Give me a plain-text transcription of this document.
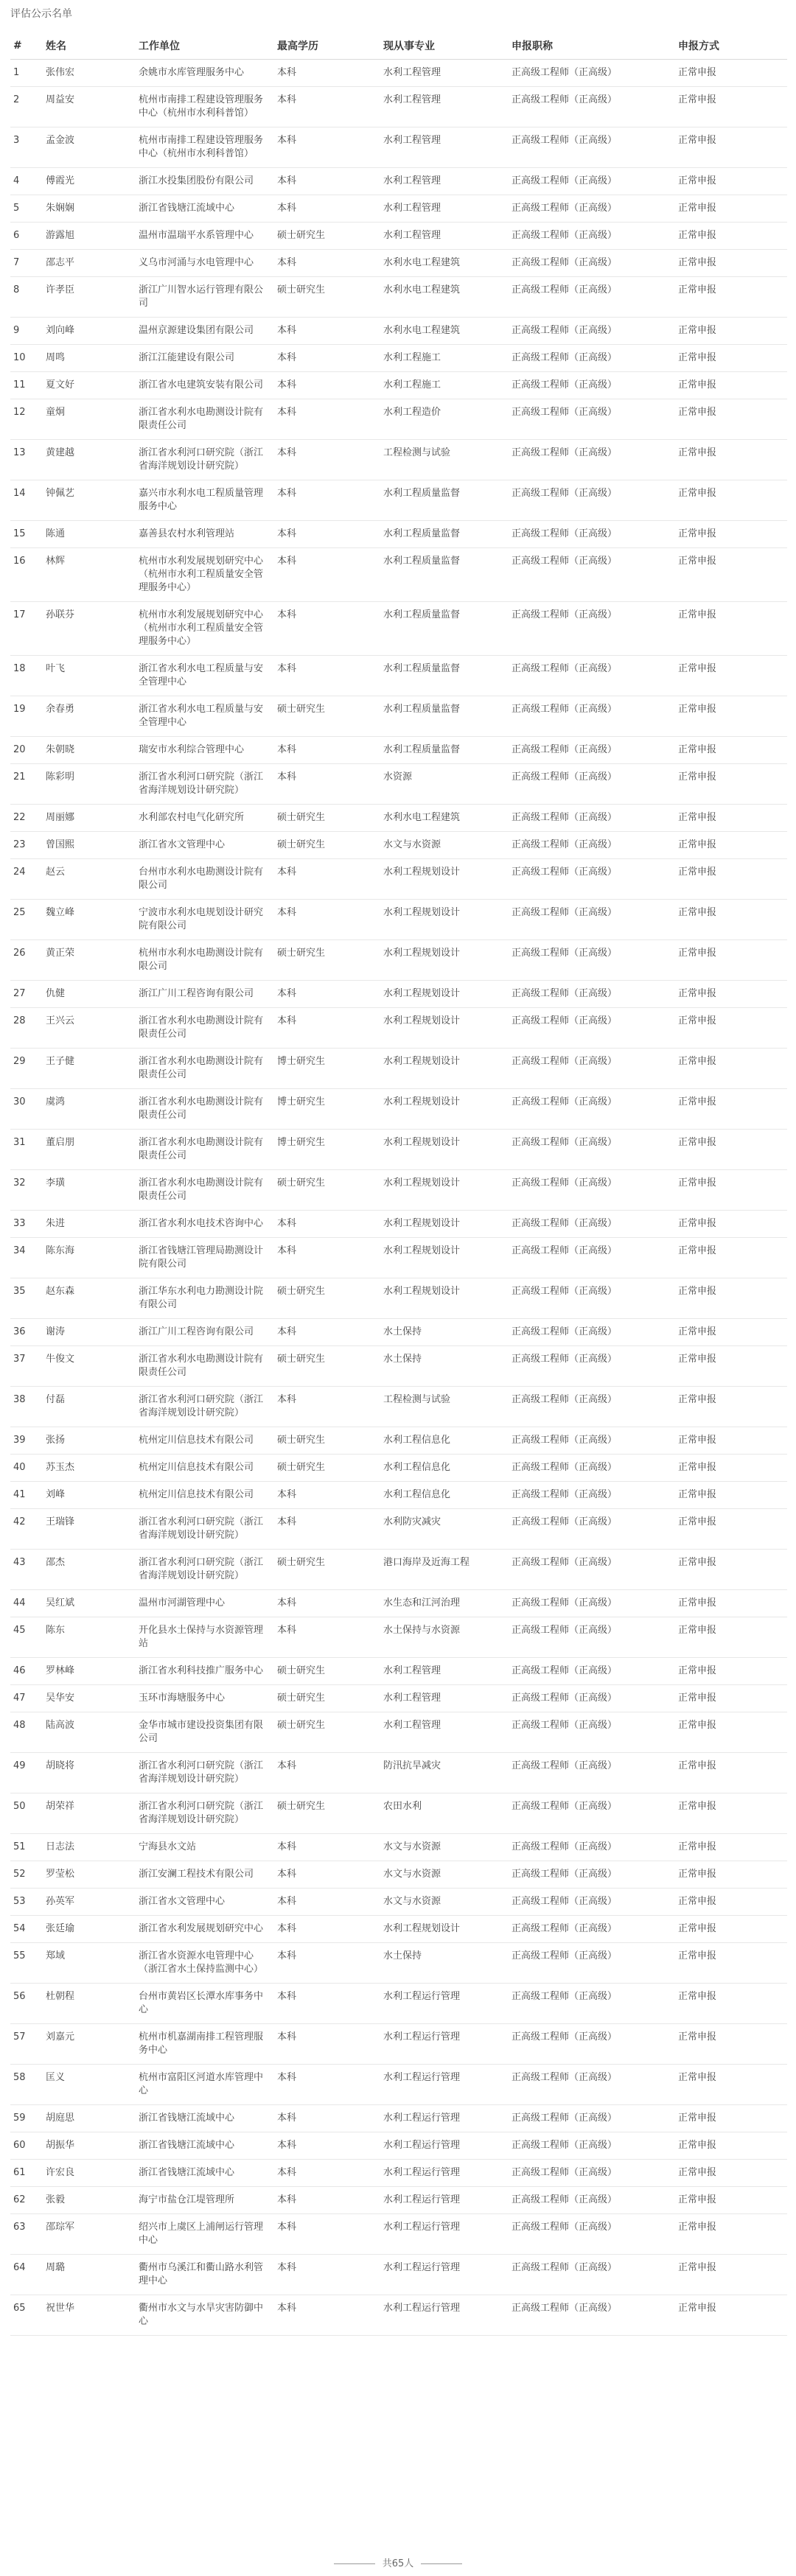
评估公示名单
#	姓名	工作单位	最高学历	现从事专业	申报职称	申报方式
1	张伟宏	余姚市水库管理服务中心	本科	水利工程管理	正高级工程师（正高级）	正常申报
2	周益安	杭州市南排工程建设管理服务中心（杭州市水利科普馆）	本科	水利工程管理	正高级工程师（正高级）	正常申报
3	孟金波	杭州市南排工程建设管理服务中心（杭州市水利科普馆）	本科	水利工程管理	正高级工程师（正高级）	正常申报
4	傅霞光	浙江水投集团股份有限公司	本科	水利工程管理	正高级工程师（正高级）	正常申报
5	朱娴娴	浙江省钱塘江流域中心	本科	水利工程管理	正高级工程师（正高级）	正常申报
6	游露旭	温州市温瑞平水系管理中心	硕士研究生	水利工程管理	正高级工程师（正高级）	正常申报
7	邵志平	义乌市河涌与水电管理中心	本科	水利水电工程建筑	正高级工程师（正高级）	正常申报
8	许孝臣	浙江广川智水运行管理有限公司	硕士研究生	水利水电工程建筑	正高级工程师（正高级）	正常申报
9	刘向峰	温州京源建设集团有限公司	本科	水利水电工程建筑	正高级工程师（正高级）	正常申报
10	周鸣	浙江江能建设有限公司	本科	水利工程施工	正高级工程师（正高级）	正常申报
11	夏文好	浙江省水电建筑安装有限公司	本科	水利工程施工	正高级工程师（正高级）	正常申报
12	童炯	浙江省水利水电勘测设计院有限责任公司	本科	水利工程造价	正高级工程师（正高级）	正常申报
13	黄建越	浙江省水利河口研究院（浙江省海洋规划设计研究院）	本科	工程检测与试验	正高级工程师（正高级）	正常申报
14	钟佩艺	嘉兴市水利水电工程质量管理服务中心	本科	水利工程质量监督	正高级工程师（正高级）	正常申报
15	陈通	嘉善县农村水利管理站	本科	水利工程质量监督	正高级工程师（正高级）	正常申报
16	林辉	杭州市水利发展规划研究中心（杭州市水利工程质量安全管理服务中心）	本科	水利工程质量监督	正高级工程师（正高级）	正常申报
17	孙联芬	杭州市水利发展规划研究中心（杭州市水利工程质量安全管理服务中心）	本科	水利工程质量监督	正高级工程师（正高级）	正常申报
18	叶飞	浙江省水利水电工程质量与安全管理中心	本科	水利工程质量监督	正高级工程师（正高级）	正常申报
19	余春勇	浙江省水利水电工程质量与安全管理中心	硕士研究生	水利工程质量监督	正高级工程师（正高级）	正常申报
20	朱朝晓	瑞安市水利综合管理中心	本科	水利工程质量监督	正高级工程师（正高级）	正常申报
21	陈彩明	浙江省水利河口研究院（浙江省海洋规划设计研究院）	本科	水资源	正高级工程师（正高级）	正常申报
22	周丽娜	水利部农村电气化研究所	硕士研究生	水利水电工程建筑	正高级工程师（正高级）	正常申报
23	曾国熙	浙江省水文管理中心	硕士研究生	水文与水资源	正高级工程师（正高级）	正常申报
24	赵云	台州市水利水电勘测设计院有限公司	本科	水利工程规划设计	正高级工程师（正高级）	正常申报
25	魏立峰	宁波市水利水电规划设计研究院有限公司	本科	水利工程规划设计	正高级工程师（正高级）	正常申报
26	黄正荣	杭州市水利水电勘测设计院有限公司	硕士研究生	水利工程规划设计	正高级工程师（正高级）	正常申报
27	仇健	浙江广川工程咨询有限公司	本科	水利工程规划设计	正高级工程师（正高级）	正常申报
28	王兴云	浙江省水利水电勘测设计院有限责任公司	本科	水利工程规划设计	正高级工程师（正高级）	正常申报
29	王子健	浙江省水利水电勘测设计院有限责任公司	博士研究生	水利工程规划设计	正高级工程师（正高级）	正常申报
30	虞鸿	浙江省水利水电勘测设计院有限责任公司	博士研究生	水利工程规划设计	正高级工程师（正高级）	正常申报
31	董启朋	浙江省水利水电勘测设计院有限责任公司	博士研究生	水利工程规划设计	正高级工程师（正高级）	正常申报
32	李璜	浙江省水利水电勘测设计院有限责任公司	硕士研究生	水利工程规划设计	正高级工程师（正高级）	正常申报
33	朱进	浙江省水利水电技术咨询中心	本科	水利工程规划设计	正高级工程师（正高级）	正常申报
34	陈东海	浙江省钱塘江管理局勘测设计院有限公司	本科	水利工程规划设计	正高级工程师（正高级）	正常申报
35	赵东森	浙江华东水利电力勘测设计院有限公司	硕士研究生	水利工程规划设计	正高级工程师（正高级）	正常申报
36	谢涛	浙江广川工程咨询有限公司	本科	水土保持	正高级工程师（正高级）	正常申报
37	牛俊文	浙江省水利水电勘测设计院有限责任公司	硕士研究生	水土保持	正高级工程师（正高级）	正常申报
38	付磊	浙江省水利河口研究院（浙江省海洋规划设计研究院）	本科	工程检测与试验	正高级工程师（正高级）	正常申报
39	张扬	杭州定川信息技术有限公司	硕士研究生	水利工程信息化	正高级工程师（正高级）	正常申报
40	苏玉杰	杭州定川信息技术有限公司	硕士研究生	水利工程信息化	正高级工程师（正高级）	正常申报
41	刘峰	杭州定川信息技术有限公司	本科	水利工程信息化	正高级工程师（正高级）	正常申报
42	王瑞锋	浙江省水利河口研究院（浙江省海洋规划设计研究院）	本科	水利防灾减灾	正高级工程师（正高级）	正常申报
43	邵杰	浙江省水利河口研究院（浙江省海洋规划设计研究院）	硕士研究生	港口海岸及近海工程	正高级工程师（正高级）	正常申报
44	吴红斌	温州市河湖管理中心	本科	水生态和江河治理	正高级工程师（正高级）	正常申报
45	陈东	开化县水土保持与水资源管理站	本科	水土保持与水资源	正高级工程师（正高级）	正常申报
46	罗林峰	浙江省水利科技推广服务中心	硕士研究生	水利工程管理	正高级工程师（正高级）	正常申报
47	吴华安	玉环市海塘服务中心	硕士研究生	水利工程管理	正高级工程师（正高级）	正常申报
48	陆高波	金华市城市建设投资集团有限公司	硕士研究生	水利工程管理	正高级工程师（正高级）	正常申报
49	胡晓将	浙江省水利河口研究院（浙江省海洋规划设计研究院）	本科	防汛抗旱减灾	正高级工程师（正高级）	正常申报
50	胡荣祥	浙江省水利河口研究院（浙江省海洋规划设计研究院）	硕士研究生	农田水利	正高级工程师（正高级）	正常申报
51	日志法	宁海县水文站	本科	水文与水资源	正高级工程师（正高级）	正常申报
52	罗莹松	浙江安澜工程技术有限公司	本科	水文与水资源	正高级工程师（正高级）	正常申报
53	孙英军	浙江省水文管理中心	本科	水文与水资源	正高级工程师（正高级）	正常申报
54	张廷瑜	浙江省水利发展规划研究中心	本科	水利工程规划设计	正高级工程师（正高级）	正常申报
55	郑域	浙江省水资源水电管理中心（浙江省水土保持监测中心）	本科	水土保持	正高级工程师（正高级）	正常申报
56	杜朝程	台州市黄岩区长潭水库事务中心	本科	水利工程运行管理	正高级工程师（正高级）	正常申报
57	刘嘉元	杭州市机嘉湖南排工程管理服务中心	本科	水利工程运行管理	正高级工程师（正高级）	正常申报
58	匡义	杭州市富阳区河道水库管理中心	本科	水利工程运行管理	正高级工程师（正高级）	正常申报
59	胡庭思	浙江省钱塘江流域中心	本科	水利工程运行管理	正高级工程师（正高级）	正常申报
60	胡振华	浙江省钱塘江流域中心	本科	水利工程运行管理	正高级工程师（正高级）	正常申报
61	许宏良	浙江省钱塘江流域中心	本科	水利工程运行管理	正高级工程师（正高级）	正常申报
62	张毅	海宁市盐仓江堤管理所	本科	水利工程运行管理	正高级工程师（正高级）	正常申报
63	邵琮军	绍兴市上虞区上浦闸运行管理中心	本科	水利工程运行管理	正高级工程师（正高级）	正常申报
64	周璐	衢州市乌溪江和衢山路水利管理中心	本科	水利工程运行管理	正高级工程师（正高级）	正常申报
65	祝世华	衢州市水文与水旱灾害防御中心	本科	水利工程运行管理	正高级工程师（正高级）	正常申报
共65人
